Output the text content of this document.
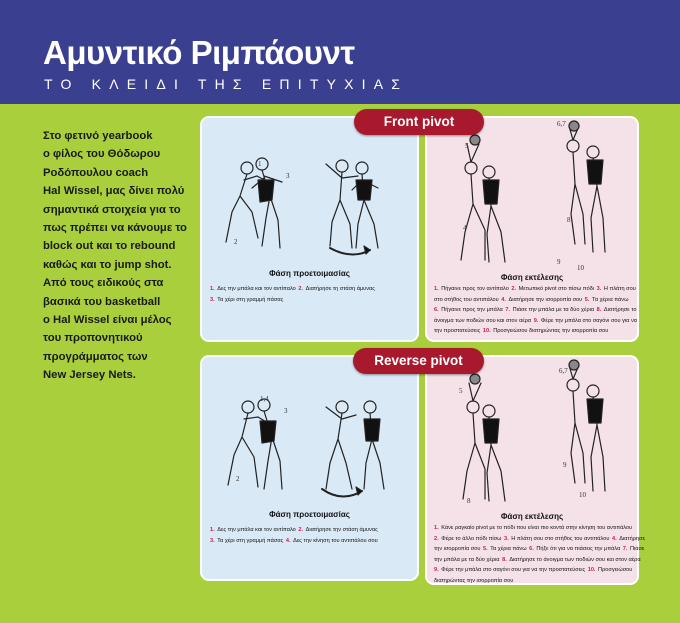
Αμυντικό Ριμπάουντ
ΤΟ ΚΛΕΙΔΙ ΤΗΣ ΕΠΙΤΥΧΙΑΣ
Στο φετινό yearbook
ο φίλος του Θόδωρου
Ροδόπουλου coach
Hal Wissel, μας δίνει πολύ
σημαντικά στοιχεία για το
πως πρέπει να κάνουμε το
block out και το rebound
καθώς και το jump shot.
Από τους ειδικούς στα
βασικά του basketball
ο Hal Wissel είναι μέλος
του προπονητικού
προγράμματος των
New Jersey Nets.
1
2
3
Φάση προετοιμασίας
1. Δες την μπάλα και τον αντίπαλο 2. Διατήρησε τη στάση άμυνας
3. Τα χέρι στη γραμμή πάσας
5
6,7
8
9
10
4
Φάση εκτέλεσης
1. Πήγαινε προς τον αντίπαλο 2. Μετωπικό pivot στο πίσω πόδι 3. Η πλάτη σου
στο στήθος του αντιπάλου 4. Διατήρησε την ισορροπία σου 5. Τα χέρια πάνω
6. Πήγαινε προς την μπάλα 7. Πιάσε την μπάλα με τα δύο χέρια 8. Διατήρησε το
άνοιγμα των ποδιών σου και στον αέρα 9. Φέρε την μπάλα στο σαγόνι σου για να
την προστατεύσεις 10. Προσγειώσου διατηρώντας την ισορροπία σου
1,4
2
3
Φάση προετοιμασίας
1. Δες την μπάλα και τον αντίπαλο 2. Διατήρησε την στάση άμυνας
3. Τα χέρι στη γραμμή πάσας 4. Δες την κίνηση του αντιπάλου σου
6,7
5
10
8
9
Φάση εκτέλεσης
1. Κάνε ραγκαίο pivot με το πόδι που είναι πιο κοντά στην κίνηση του αντιπάλου
2. Φέρε το άλλο πόδι πίσω 3. Η πλάτη σου στο στήθος του αντιπάλου 4. Διατήρησε
την ισορροπία σου 5. Τα χέρια πάνω 6. Πήξε ότι για να πιάσεις την μπάλα 7. Πιάσε
την μπάλα με τα δύο χέρια 8. Διατήρησε το άνοιγμα των ποδιών σου και στον αέρα
9. Φέρε την μπάλα στο σαγόνι σου για να την προστατεύσεις 10. Προσγειώσου
διατηρώντας την ισορροπία σου
Front pivot
Reverse pivot
